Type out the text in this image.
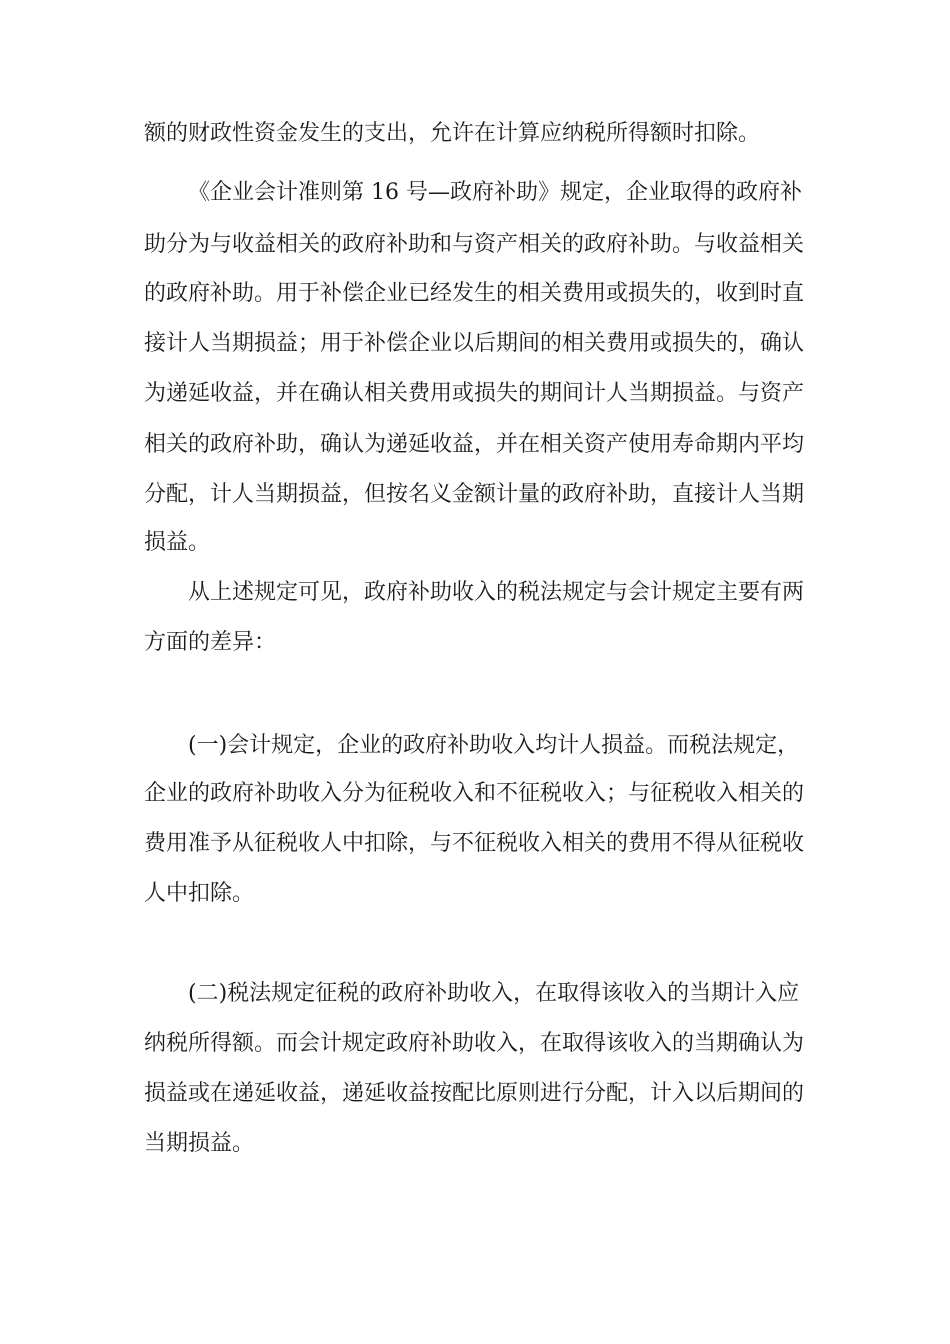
额的财政性资金发生的支出，允许在计算应纳税所得额时扣除。
《企业会计准则第 16 号—政府补助》规定，企业取得的政府补
助分为与收益相关的政府补助和与资产相关的政府补助。与收益相关
的政府补助。用于补偿企业已经发生的相关费用或损失的，收到时直
接计人当期损益；用于补偿企业以后期间的相关费用或损失的，确认
为递延收益，并在确认相关费用或损失的期间计人当期损益。与资产
相关的政府补助，确认为递延收益，并在相关资产使用寿命期内平均
分配，计人当期损益，但按名义金额计量的政府补助，直接计人当期
损益。
从上述规定可见，政府补助收入的税法规定与会计规定主要有两
方面的差异：
(一)会计规定，企业的政府补助收入均计人损益。而税法规定，
企业的政府补助收入分为征税收入和不征税收入；与征税收入相关的
费用准予从征税收人中扣除，与不征税收入相关的费用不得从征税收
人中扣除。
(二)税法规定征税的政府补助收入，在取得该收入的当期计入应
纳税所得额。而会计规定政府补助收入，在取得该收入的当期确认为
损益或在递延收益，递延收益按配比原则进行分配，计入以后期间的
当期损益。
